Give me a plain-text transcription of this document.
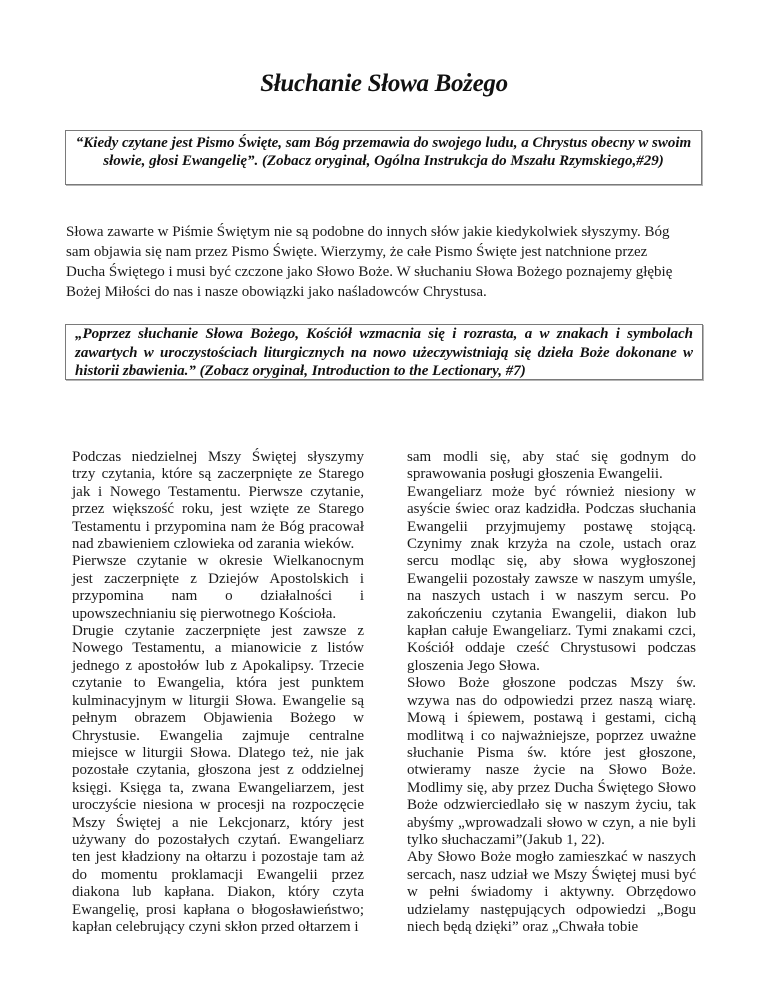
Słuchanie Słowa Bożego
“Kiedy czytane jest Pismo Święte, sam Bóg przemawia do swojego ludu, a Chrystus obecny w swoim
słowie, głosi Ewangelię”. (Zobacz oryginał, Ogólna Instrukcja do Mszału Rzymskiego,#29)

Słowa zawarte w Piśmie Świętym nie są podobne do innych słów jakie kiedykolwiek słyszymy. Bóg
sam objawia się nam przez Pismo Święte. Wierzymy, że całe Pismo Święte jest natchnione przez
Ducha Świętego i musi być czczone jako Słowo Boże. W słuchaniu Słowa Bożego poznajemy głębię
Bożej Miłości do nas i nasze obowiązki jako naśladowców Chrystusa.

„Poprzez słuchanie Słowa Bożego, Kościół wzmacnia się i rozrasta, a w znakach i symbolach
zawartych w uroczystościach liturgicznych na nowo użeczywistniają się dzieła Boże dokonane w
historii zbawienia.” (Zobacz oryginał, Introduction to the Lectionary, #7)
Podczas niedzielnej Mszy Świętej słyszymy
trzy czytania, które są zaczerpnięte ze Starego
jak i Nowego Testamentu. Pierwsze czytanie,
przez większość roku, jest wzięte ze Starego
Testamentu i przypomina nam że Bóg pracował
nad zbawieniem czlowieka od zarania wieków.
Pierwsze czytanie w okresie Wielkanocnym
jest zaczerpnięte z Dziejów Apostolskich i
przypomina nam o działalności i
upowszechnianiu się pierwotnego Kościoła.
Drugie czytanie zaczerpnięte jest zawsze z
Nowego Testamentu, a mianowicie z listów
jednego z apostołów lub z Apokalipsy. Trzecie
czytanie to Ewangelia, która jest punktem
kulminacyjnym w liturgii Słowa. Ewangelie są
pełnym obrazem Objawienia Bożego w
Chrystusie. Ewangelia zajmuje centralne
miejsce w liturgii Słowa. Dlatego też, nie jak
pozostałe czytania, głoszona jest z oddzielnej
księgi. Księga ta, zwana Ewangeliarzem, jest
uroczyście niesiona w procesji na rozpoczęcie
Mszy Świętej a nie Lekcjonarz, który jest
używany do pozostałych czytań. Ewangeliarz
ten jest kładziony na ołtarzu i pozostaje tam aż
do momentu proklamacji Ewangelii przez
diakona lub kapłana. Diakon, który czyta
Ewangelię, prosi kapłana o błogosławieństwo;
kapłan celebrujący czyni skłon przed ołtarzem i
sam modli się, aby stać się godnym do
sprawowania posługi głoszenia Ewangelii.
Ewangeliarz może być również niesiony w
asyście świec oraz kadzidła. Podczas słuchania
Ewangelii przyjmujemy postawę stojącą.
Czynimy znak krzyża na czole, ustach oraz
sercu modląc się, aby słowa wygłoszonej
Ewangelii pozostały zawsze w naszym umyśle,
na naszych ustach i w naszym sercu. Po
zakończeniu czytania Ewangelii, diakon lub
kapłan całuje Ewangeliarz. Tymi znakami czci,
Kościół oddaje cześć Chrystusowi podczas
gloszenia Jego Słowa.
Słowo Boże głoszone podczas Mszy św.
wzywa nas do odpowiedzi przez naszą wiarę.
Mową i śpiewem, postawą i gestami, cichą
modlitwą i co najważniejsze, poprzez uważne
słuchanie Pisma św. które jest głoszone,
otwieramy nasze życie na Słowo Boże.
Modlimy się, aby przez Ducha Świętego Słowo
Boże odzwierciedlało się w naszym życiu, tak
abyśmy „wprowadzali słowo w czyn, a nie byli
tylko słuchaczami”(Jakub 1, 22).
Aby Słowo Boże mogło zamieszkać w naszych
sercach, nasz udział we Mszy Świętej musi być
w pełni świadomy i aktywny. Obrzędowo
udzielamy następujących odpowiedzi „Bogu
niech będą dzięki” oraz „Chwała tobie
